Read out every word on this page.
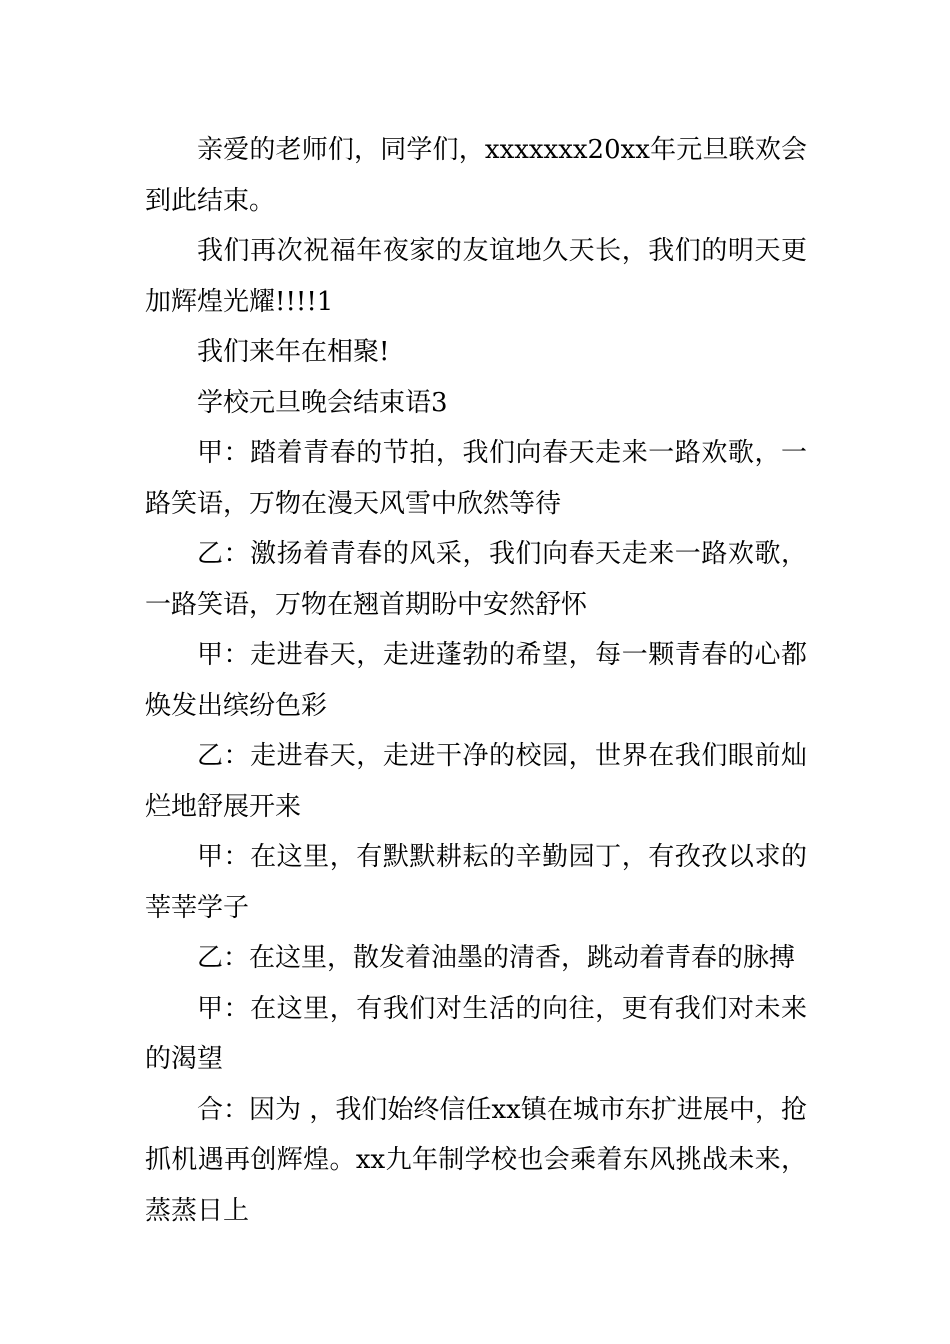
亲爱的老师们，同学们，xxxxxxx20xx年元旦联欢会到此结束。

我们再次祝福年夜家的友谊地久天长，我们的明天更加辉煌光耀!!!!1

我们来年在相聚!

学校元旦晚会结束语3

甲：踏着青春的节拍，我们向春天走来一路欢歌，一路笑语，万物在漫天风雪中欣然等待

乙：激扬着青春的风采，我们向春天走来一路欢歌，一路笑语，万物在翘首期盼中安然舒怀

甲：走进春天，走进蓬勃的希望，每一颗青春的心都焕发出缤纷色彩

乙：走进春天，走进干净的校园，世界在我们眼前灿烂地舒展开来

甲：在这里，有默默耕耘的辛勤园丁，有孜孜以求的莘莘学子

乙：在这里，散发着油墨的清香，跳动着青春的脉搏

甲：在这里，有我们对生活的向往，更有我们对未来的渴望

合：因为 ，我们始终信任xx镇在城市东扩进展中，抢抓机遇再创辉煌。xx九年制学校也会乘着东风挑战未来，蒸蒸日上
